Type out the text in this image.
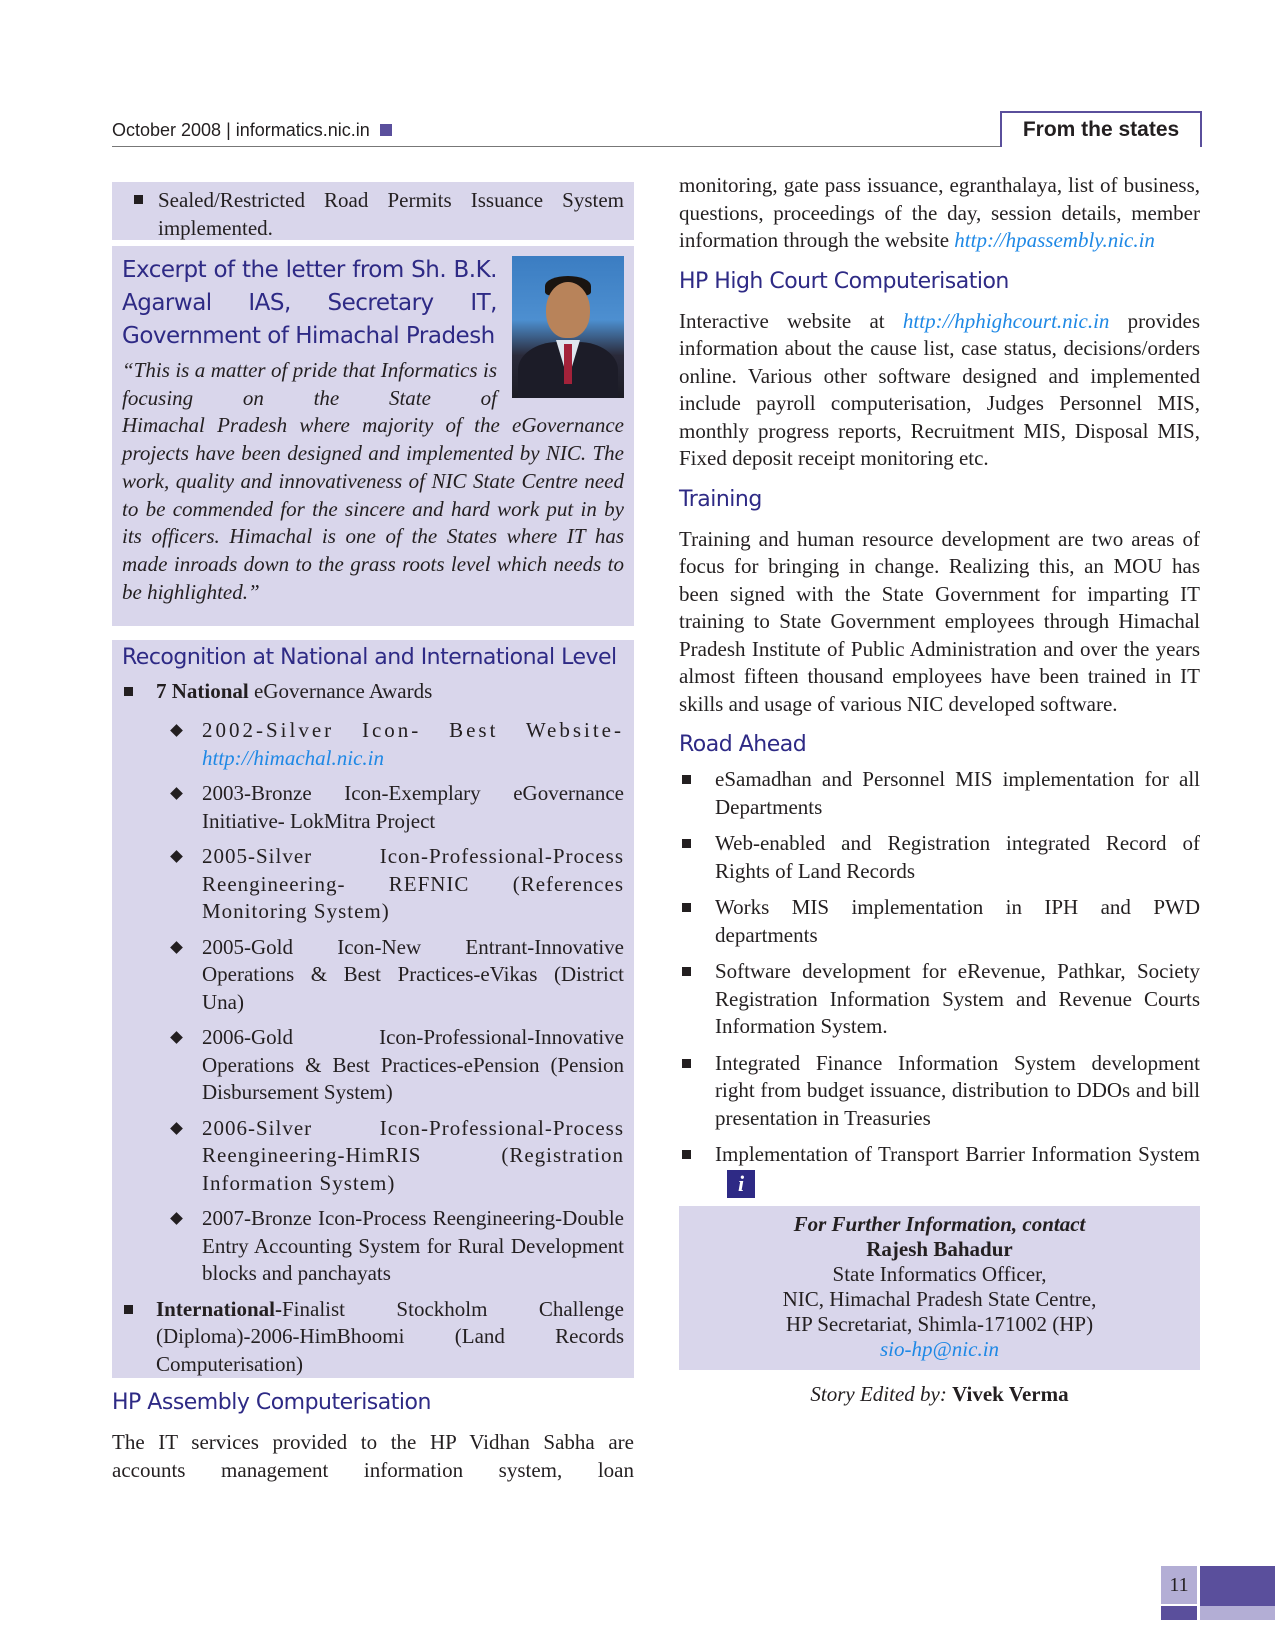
October 2008 | informatics.nic.in	From the states
Sealed/Restricted Road Permits Issuance System implemented.
Excerpt of the letter from Sh. B.K. Agarwal IAS, Secretary IT, Government of Himachal Pradesh
“This is a matter of pride that Informatics is focusing on the State of
Himachal Pradesh where majority of the eGovernance projects have been designed and implemented by NIC. The work, quality and innovativeness of NIC State Centre need to be commended for the sincere and hard work put in by its officers. Himachal is one of the States where IT has made inroads down to the grass roots level which needs to be highlighted.”
Recognition at National and International Level
7 National eGovernance Awards
2002-Silver Icon- Best Website-
http://himachal.nic.in
2003-Bronze Icon-Exemplary eGovernance Initiative- LokMitra Project
2005-Silver Icon-Professional-Process Reengineering- REFNIC (References Monitoring System)
2005-Gold Icon-New Entrant-Innovative Operations & Best Practices-eVikas (District Una)
2006-Gold Icon-Professional-Innovative Operations & Best Practices-ePension (Pension Disbursement System)
2006-Silver Icon-Professional-Process Reengineering-HimRIS (Registration Information System)
2007-Bronze Icon-Process Reengineering-Double Entry Accounting System for Rural Development blocks and panchayats
International-Finalist Stockholm Challenge (Diploma)-2006-HimBhoomi (Land Records Computerisation)
HP Assembly Computerisation
The IT services provided to the HP Vidhan Sabha are accounts management information system, loan
monitoring, gate pass issuance, egranthalaya, list of business, questions, proceedings of the day, session details, member information through the website http://hpassembly.nic.in
HP High Court Computerisation
Interactive website at http://hphighcourt.nic.in provides information about the cause list, case status, decisions/orders online. Various other software designed and implemented include payroll computerisation, Judges Personnel MIS, monthly progress reports, Recruitment MIS, Disposal MIS, Fixed deposit receipt monitoring etc.
Training
Training and human resource development are two areas of focus for bringing in change. Realizing this, an MOU has been signed with the State Government for imparting IT training to State Government employees through Himachal Pradesh Institute of Public Administration and over the years almost fifteen thousand employees have been trained in IT skills and usage of various NIC developed software.
Road Ahead
eSamadhan and Personnel MIS implementation for all Departments
Web-enabled and Registration integrated Record of Rights of Land Records
Works MIS implementation in IPH and PWD departments
Software development for eRevenue, Pathkar, Society Registration Information System and Revenue Courts Information System.
Integrated Finance Information System development right from budget issuance, distribution to DDOs and bill presentation in Treasuries
Implementation of Transport Barrier Information Systemi
For Further Information, contact
Rajesh Bahadur
State Informatics Officer,
NIC, Himachal Pradesh State Centre,
HP Secretariat, Shimla-171002 (HP)
sio-hp@nic.in
Story Edited by: Vivek Verma
11
